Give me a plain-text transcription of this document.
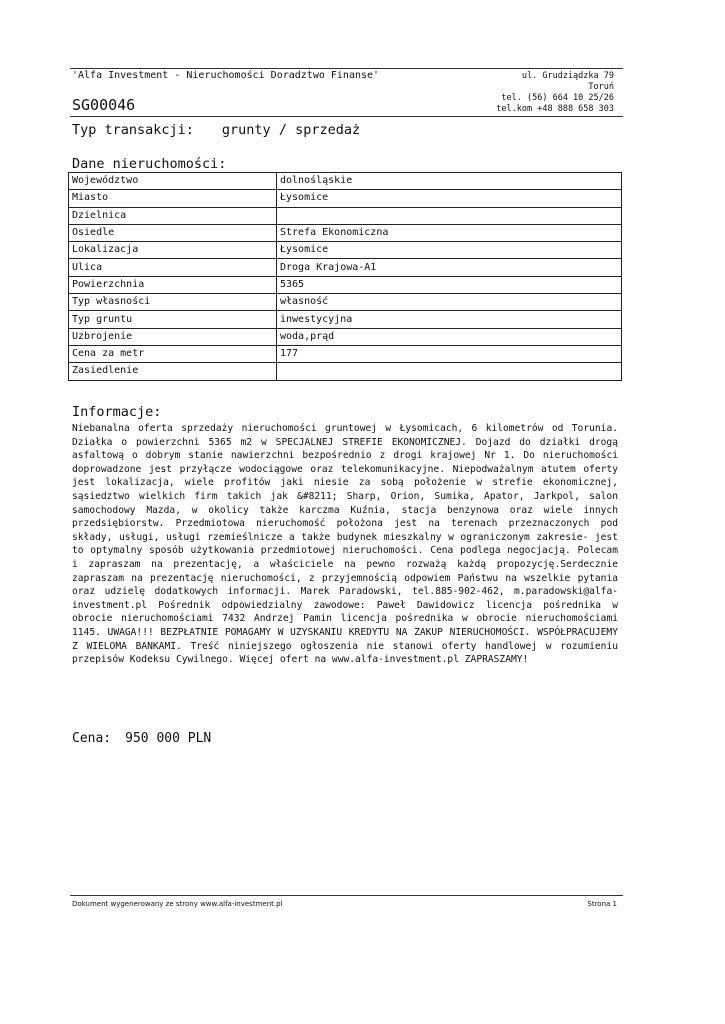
'Alfa Investment - Nieruchomości Doradztwo Finanse'
SG00046
ul. Grudziądzka 79
Toruń
tel. (56) 664 10 25/26
tel.kom +48 888 658 303
Typ transakcji: grunty / sprzedaż
Dane nieruchomości:
Województwo	dolnośląskie
Miasto	Łysomice
Dzielnica	
Osiedle	Strefa Ekonomiczna
Lokalizacja	Łysomice
Ulica	Droga Krajowa-A1
Powierzchnia	5365
Typ własności	własność
Typ gruntu	inwestycyjna
Uzbrojenie	woda,prąd
Cena za metr	177
Zasiedlenie	
Informacje:

Niebanalna oferta sprzedaży nieruchomości gruntowej w Łysomicach, 6 kilometrów od Torunia. Działka o powierzchni 5365 m2 w SPECJALNEJ STREFIE EKONOMICZNEJ. Dojazd do działki drogą asfaltową o dobrym stanie nawierzchni bezpośrednio z drogi krajowej Nr 1. Do nieruchomości doprowadzone jest przyłącze wodociągowe oraz telekomunikacyjne. Niepodważalnym atutem oferty jest lokalizacja, wiele profitów jaki niesie za sobą położenie w strefie ekonomicznej, sąsiedztwo wielkich firm takich jak &#8211; Sharp, Orion, Sumika, Apator, Jarkpol, salon samochodowy Mazda, w okolicy także karczma Kuźnia, stacja benzynowa oraz wiele innych przedsiębiorstw. Przedmiotowa nieruchomość położona jest na terenach przeznaczonych pod składy, usługi, usługi rzemieślnicze a także budynek mieszkalny w ograniczonym zakresie- jest to optymalny sposób użytkowania przedmiotowej nieruchomości. Cena podlega negocjacją. Polecam i zapraszam na prezentację, a właściciele na pewno rozważą każdą propozycję.Serdecznie zapraszam na prezentację nieruchomości, z przyjemnością odpowiem Państwu na wszelkie pytania oraz udzielę dodatkowych informacji. Marek Paradowski, tel.885-902-462, m.paradowski@alfa-investment.pl Pośrednik odpowiedzialny zawodowe: Paweł Dawidowicz licencja pośrednika w obrocie nieruchomościami 7432 Andrzej Pamin licencja pośrednika w obrocie nieruchomościami 1145. UWAGA!!! BEZPŁATNIE POMAGAMY W UZYSKANIU KREDYTU NA ZAKUP NIERUCHOMOŚCI. WSPÓŁPRACUJEMY Z WIELOMA BANKAMI. Treść niniejszego ogłoszenia nie stanowi oferty handlowej w rozumieniu przepisów Kodeksu Cywilnego. Więcej ofert na www.alfa-investment.pl ZAPRASZAMY!

Cena: 950 000 PLN
Dokument wygenerowany ze strony www.alfa-investment.pl	Strona 1
